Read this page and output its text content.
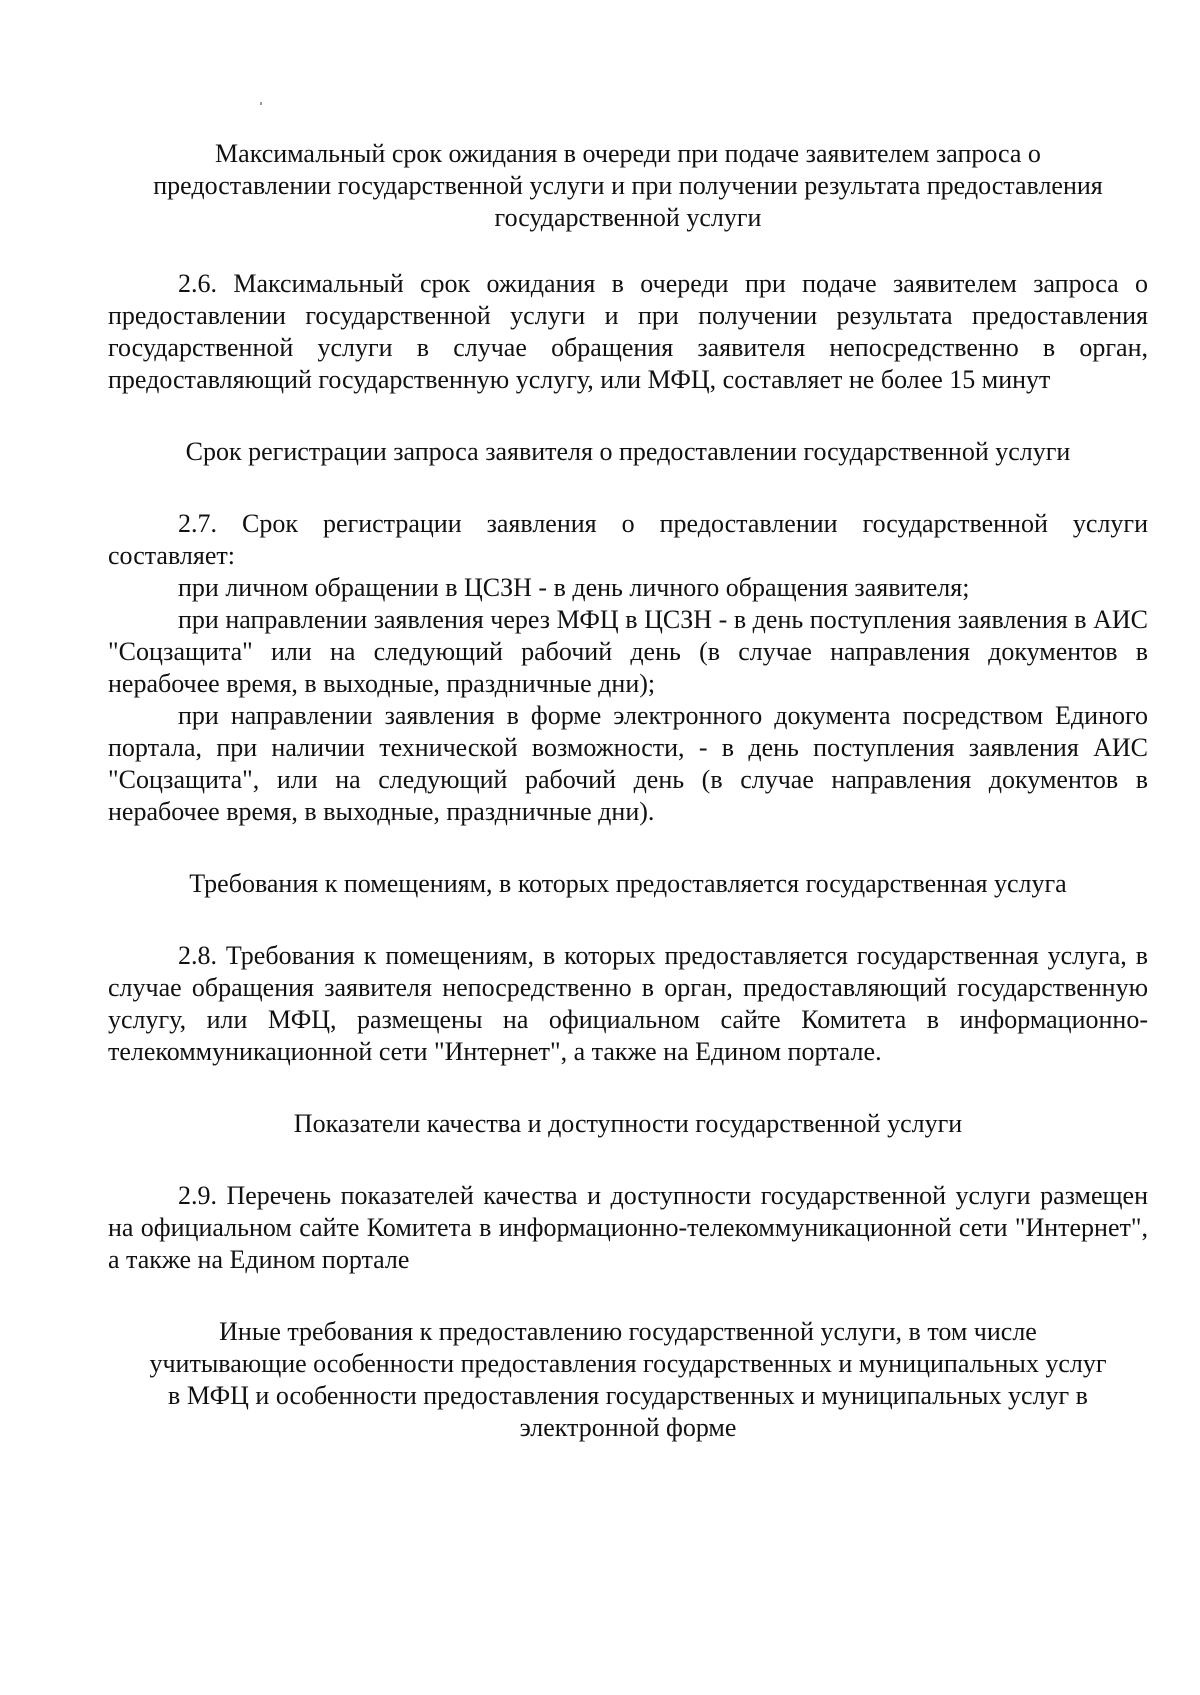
Максимальный срок ожидания в очереди при подаче заявителем запроса о предоставлении государственной услуги и при получении результата предоставления государственной услуги

2.6. Максимальный срок ожидания в очереди при подаче заявителем запроса о предоставлении государственной услуги и при получении результата предоставления государственной услуги в случае обращения заявителя непосредственно в орган, предоставляющий государственную услугу, или МФЦ, составляет не более 15 минут

Срок регистрации запроса заявителя о предоставлении государственной услуги

2.7. Срок регистрации заявления о предоставлении государственной услуги составляет:

при личном обращении в ЦСЗН - в день личного обращения заявителя;

при направлении заявления через МФЦ в ЦСЗН - в день поступления заявления в АИС "Соцзащита" или на следующий рабочий день (в случае направления документов в нерабочее время, в выходные, праздничные дни);

при направлении заявления в форме электронного документа посредством Единого портала, при наличии технической возможности, - в день поступления заявления АИС "Соцзащита", или на следующий рабочий день (в случае направления документов в нерабочее время, в выходные, праздничные дни).

Требования к помещениям, в которых предоставляется государственная услуга

2.8. Требования к помещениям, в которых предоставляется государственная услуга, в случае обращения заявителя непосредственно в орган, предоставляющий государственную услугу, или МФЦ, размещены на официальном сайте Комитета в информационно-телекоммуникационной сети "Интернет", а также на Едином портале.

Показатели качества и доступности государственной услуги

2.9. Перечень показателей качества и доступности государственной услуги размещен на официальном сайте Комитета в информационно-телекоммуникационной сети "Интернет", а также на Едином портале

Иные требования к предоставлению государственной услуги, в том числе учитывающие особенности предоставления государственных и муниципальных услуг в МФЦ и особенности предоставления государственных и муниципальных услуг в электронной форме
